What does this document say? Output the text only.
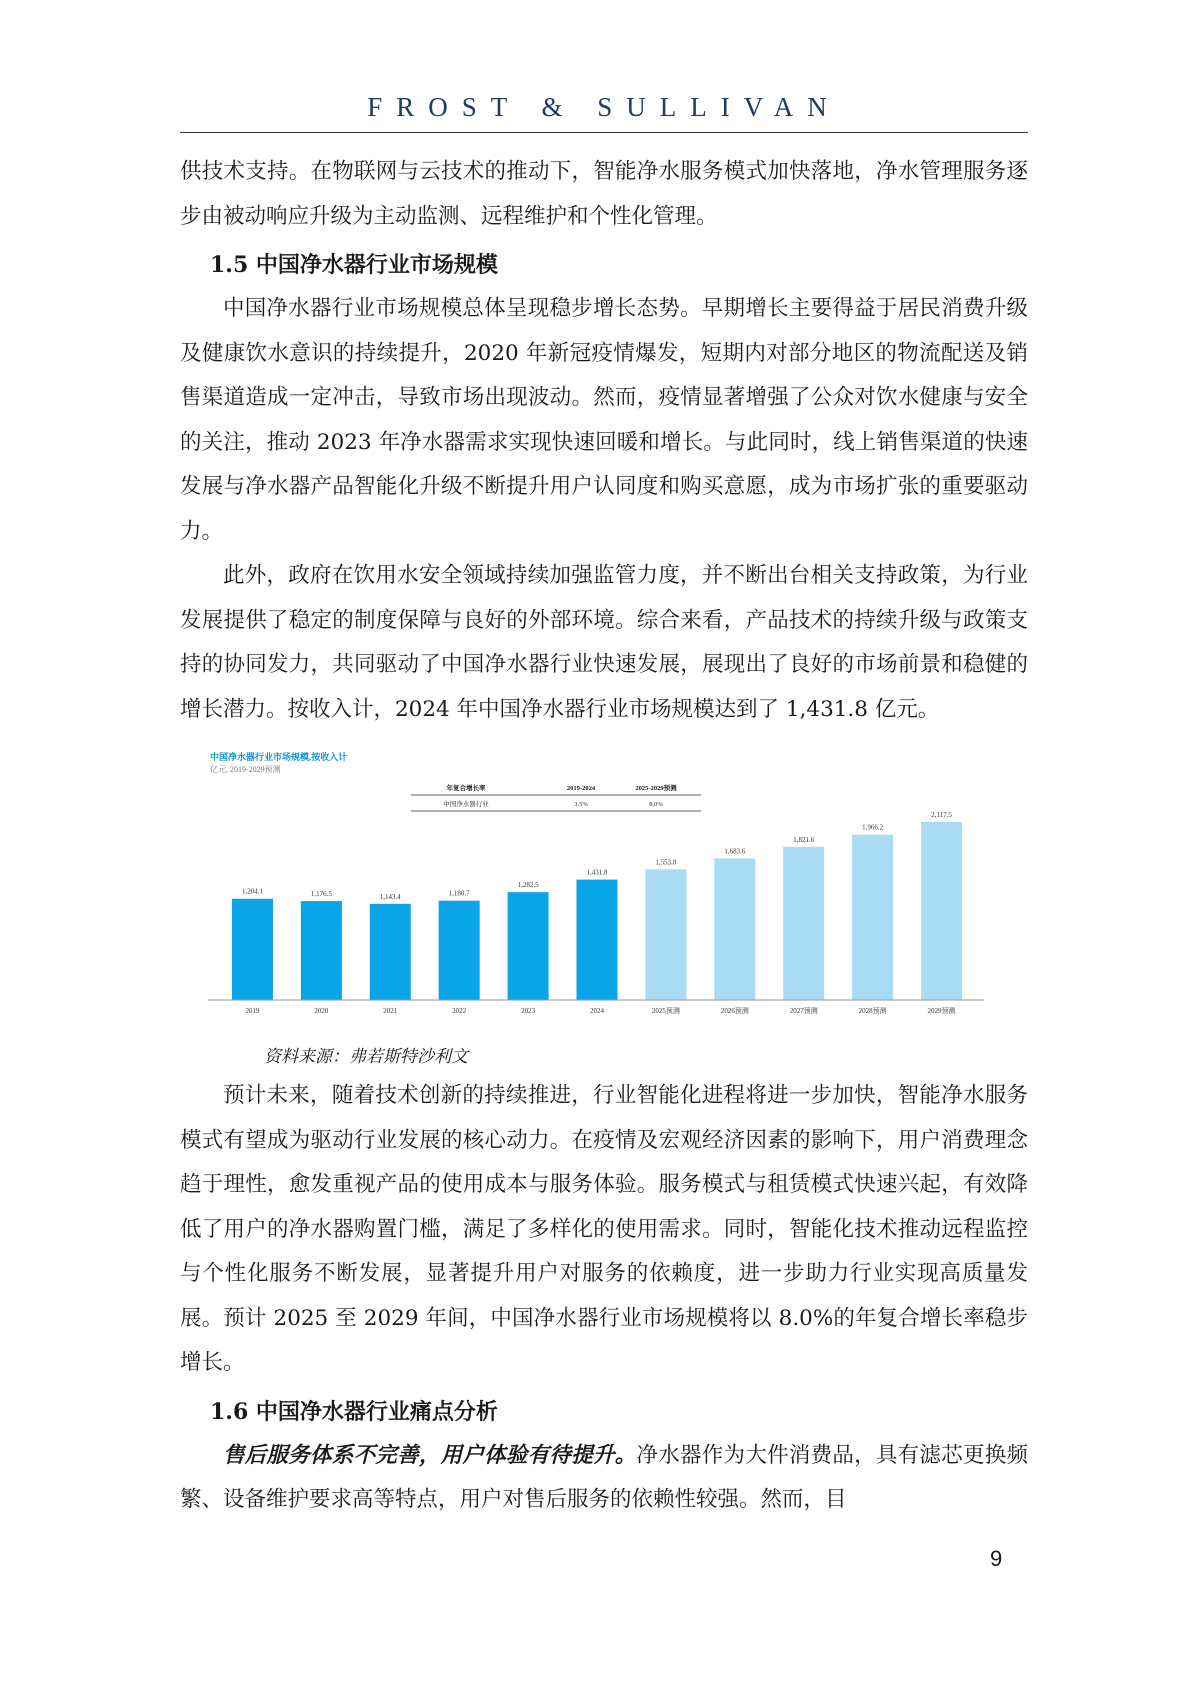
FROST & SULLIVAN

供技术支持。在物联网与云技术的推动下，智能净水服务模式加快落地，净水管理服务逐步由被动响应升级为主动监测、远程维护和个性化管理。

1.5 中国净水器行业市场规模

中国净水器行业市场规模总体呈现稳步增长态势。早期增长主要得益于居民消费升级及健康饮水意识的持续提升，2020 年新冠疫情爆发，短期内对部分地区的物流配送及销售渠道造成一定冲击，导致市场出现波动。然而，疫情显著增强了公众对饮水健康与安全的关注，推动 2023 年净水器需求实现快速回暖和增长。与此同时，线上销售渠道的快速发展与净水器产品智能化升级不断提升用户认同度和购买意愿，成为市场扩张的重要驱动力。

此外，政府在饮用水安全领域持续加强监管力度，并不断出台相关支持政策，为行业发展提供了稳定的制度保障与良好的外部环境。综合来看，产品技术的持续升级与政策支持的协同发力，共同驱动了中国净水器行业快速发展，展现出了良好的市场前景和稳健的增长潜力。按收入计，2024 年中国净水器行业市场规模达到了 1,431.8 亿元。

中国净水器行业市场规模,按收入计
亿元, 2019-2029预测
年复合增长率	2019-2024	2025-2029预测
中国净水器行业	3.5%	8.0%
1,204.1
2019
1,176.5
2020
1,143.4
2021
1,180.7
2022
1,282.5
2023
1,431.8
2024
1,553.8
2025预测
1,683.6
2026预测
1,821.6
2027预测
1,966.2
2028预测
2,117.5
2029预测

资料来源：弗若斯特沙利文

预计未来，随着技术创新的持续推进，行业智能化进程将进一步加快，智能净水服务模式有望成为驱动行业发展的核心动力。在疫情及宏观经济因素的影响下，用户消费理念趋于理性，愈发重视产品的使用成本与服务体验。服务模式与租赁模式快速兴起，有效降低了用户的净水器购置门槛，满足了多样化的使用需求。同时，智能化技术推动远程监控与个性化服务不断发展，显著提升用户对服务的依赖度，进一步助力行业实现高质量发展。预计 2025 至 2029 年间，中国净水器行业市场规模将以 8.0%的年复合增长率稳步增长。

1.6 中国净水器行业痛点分析

售后服务体系不完善，用户体验有待提升。净水器作为大件消费品，具有滤芯更换频繁、设备维护要求高等特点，用户对售后服务的依赖性较强。然而，目

9
